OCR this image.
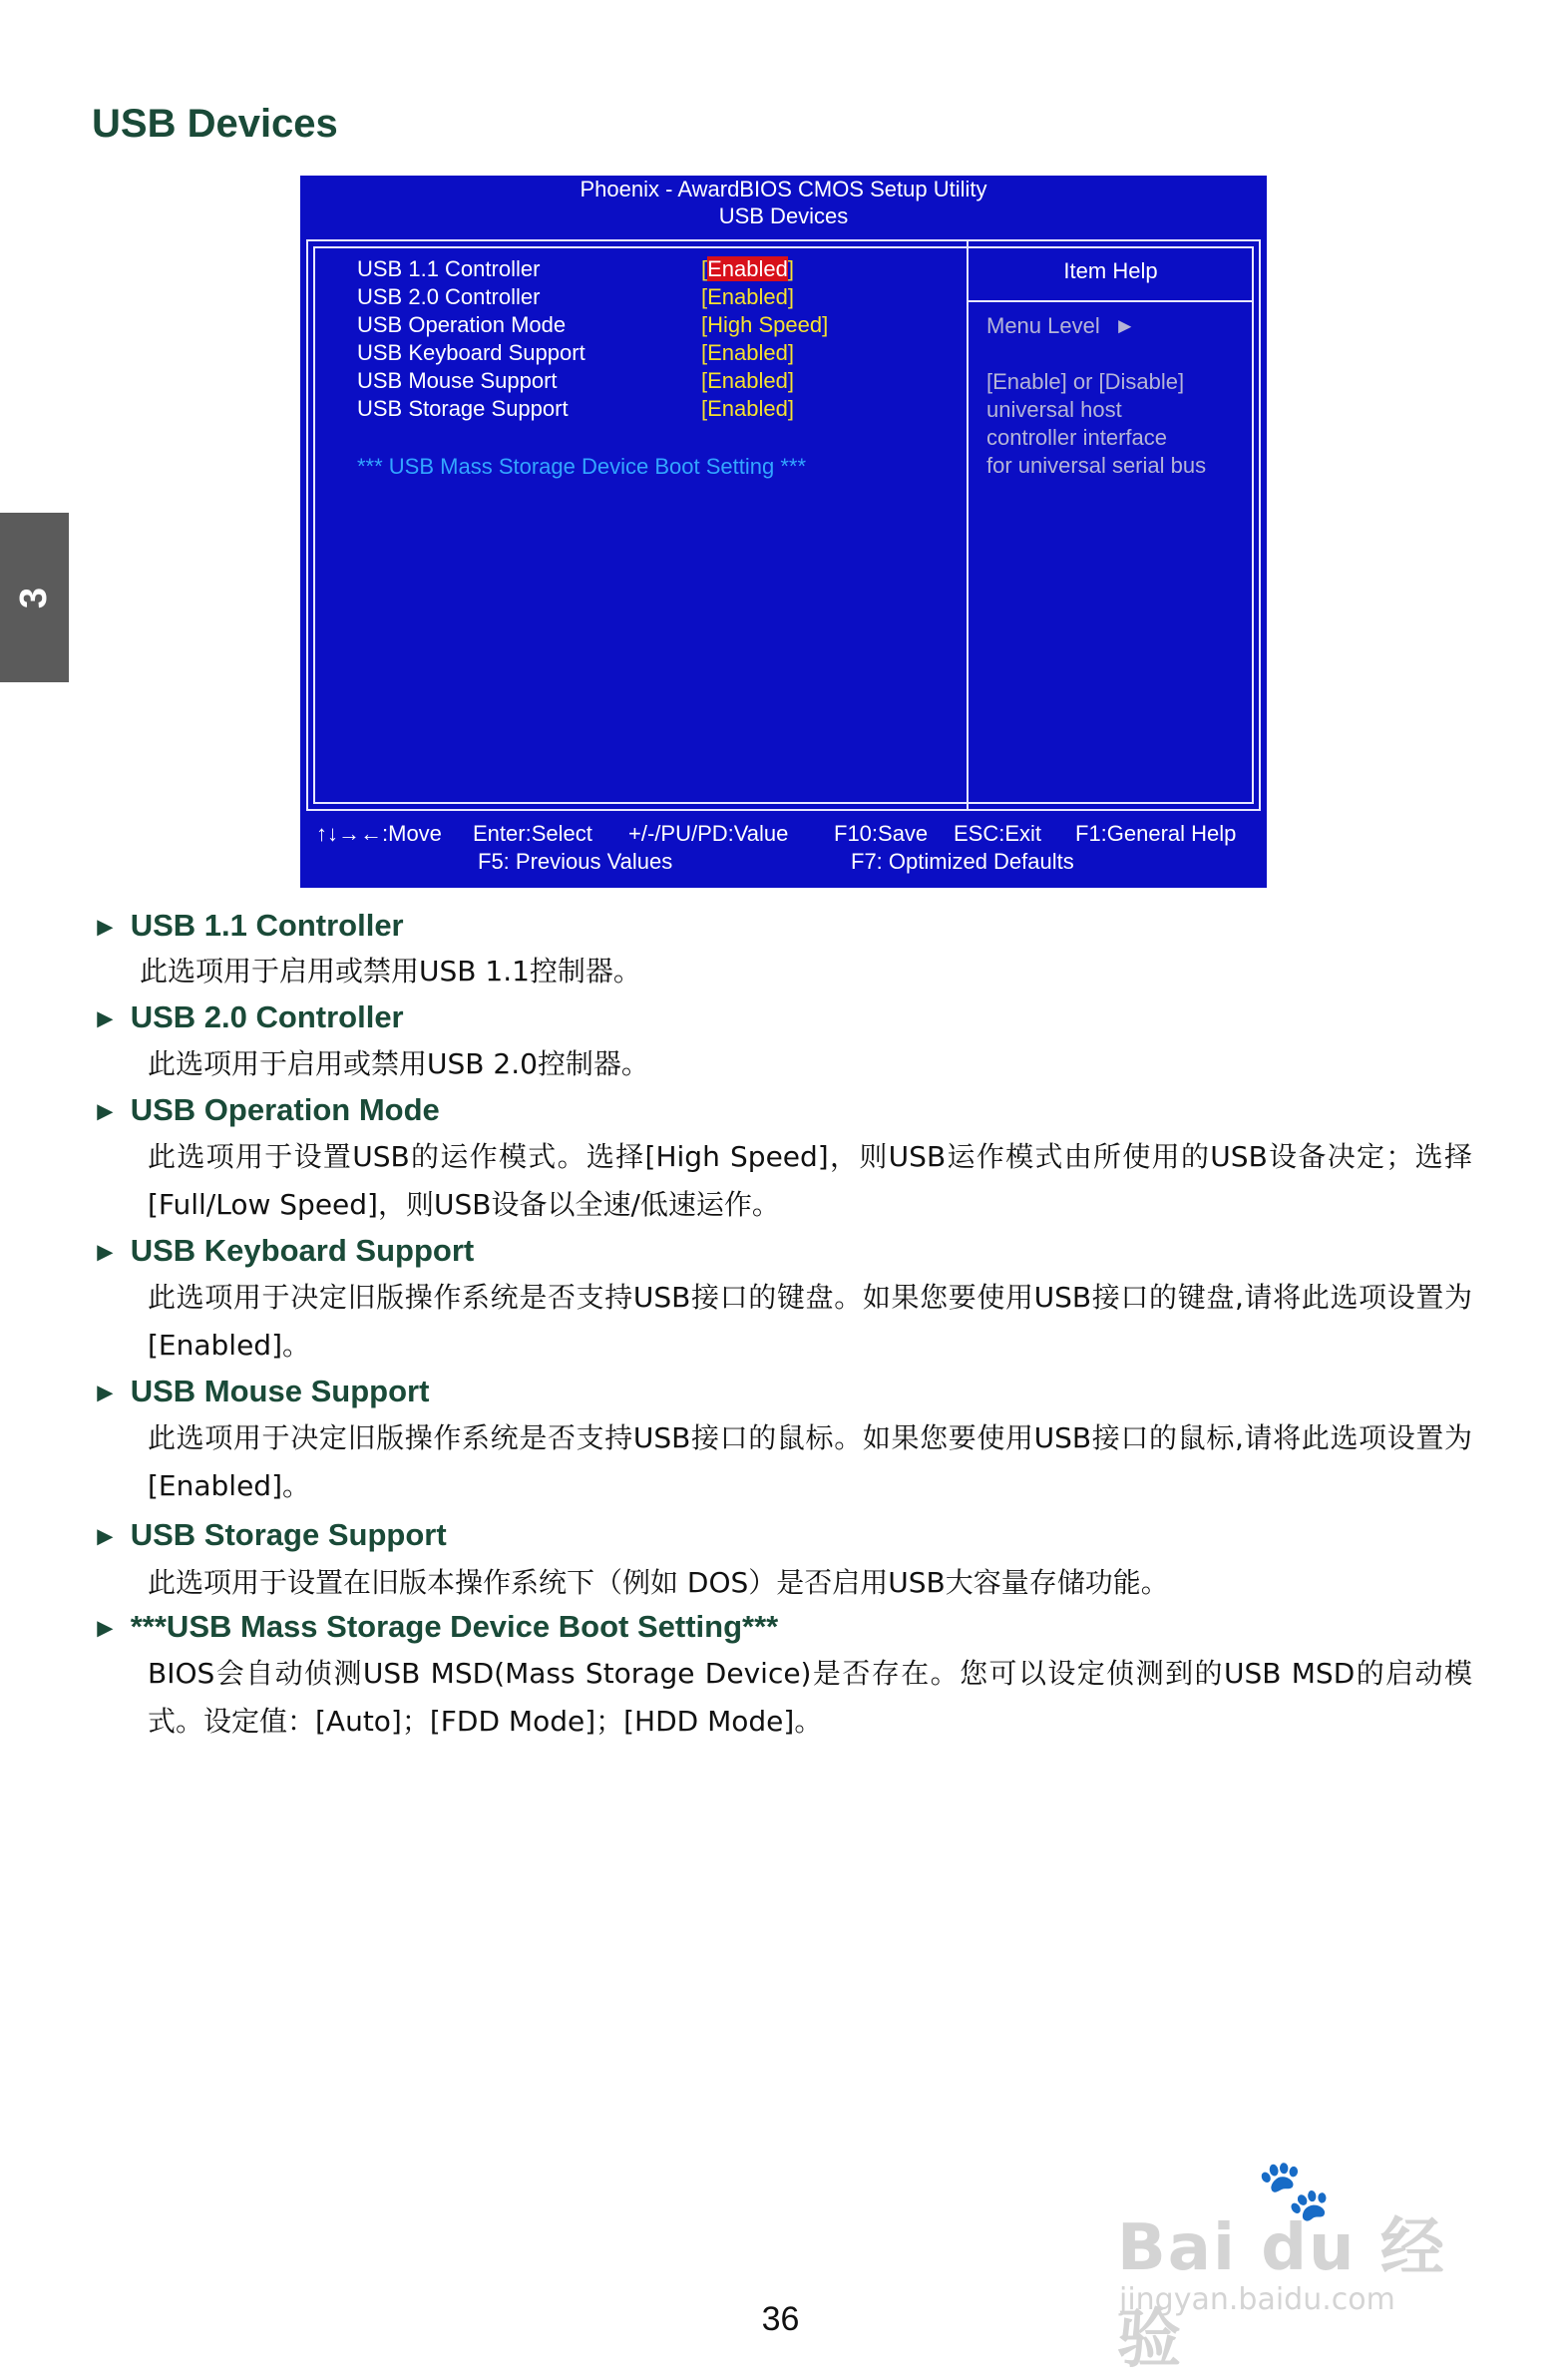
USB Devices
3
Phoenix - AwardBIOS CMOS Setup Utility
USB Devices
USB 1.1 Controller	[Enabled]
USB 2.0 Controller	[Enabled]
USB Operation Mode	[High Speed]
USB Keyboard Support	[Enabled]
USB Mouse Support	[Enabled]
USB Storage Support	[Enabled]
*** USB Mass Storage Device Boot Setting ***
Item Help
Menu Level ►
[Enable] or [Disable]
universal host
controller interface
for universal serial bus
↑↓→←:Move Enter:Select +/-/PU/PD:Value F10:Save ESC:Exit F1:General Help
F5: Previous Values	F7: Optimized Defaults
► USB 1.1 Controller
此选项用于启用或禁用USB 1.1控制器。
► USB 2.0 Controller
此选项用于启用或禁用USB 2.0控制器。
► USB Operation Mode
此选项用于设置USB的运作模式。选择[High Speed]，则USB运作模式由所使用的USB设备决定；选择[Full/Low Speed]，则USB设备以全速/低速运作。
► USB Keyboard Support
此选项用于决定旧版操作系统是否支持USB接口的键盘。如果您要使用USB接口的键盘,请将此选项设置为[Enabled]。
► USB Mouse Support
此选项用于决定旧版操作系统是否支持USB接口的鼠标。如果您要使用USB接口的鼠标,请将此选项设置为[Enabled]。
► USB Storage Support
此选项用于设置在旧版本操作系统下（例如 DOS）是否启用USB大容量存储功能。
► ***USB Mass Storage Device Boot Setting***
BIOS会自动侦测USB MSD(Mass Storage Device)是否存在。您可以设定侦测到的USB MSD的启动模式。设定值：[Auto]；[FDD Mode]；[HDD Mode]。
🐾
Bai du 经验
jingyan.baidu.com
36
